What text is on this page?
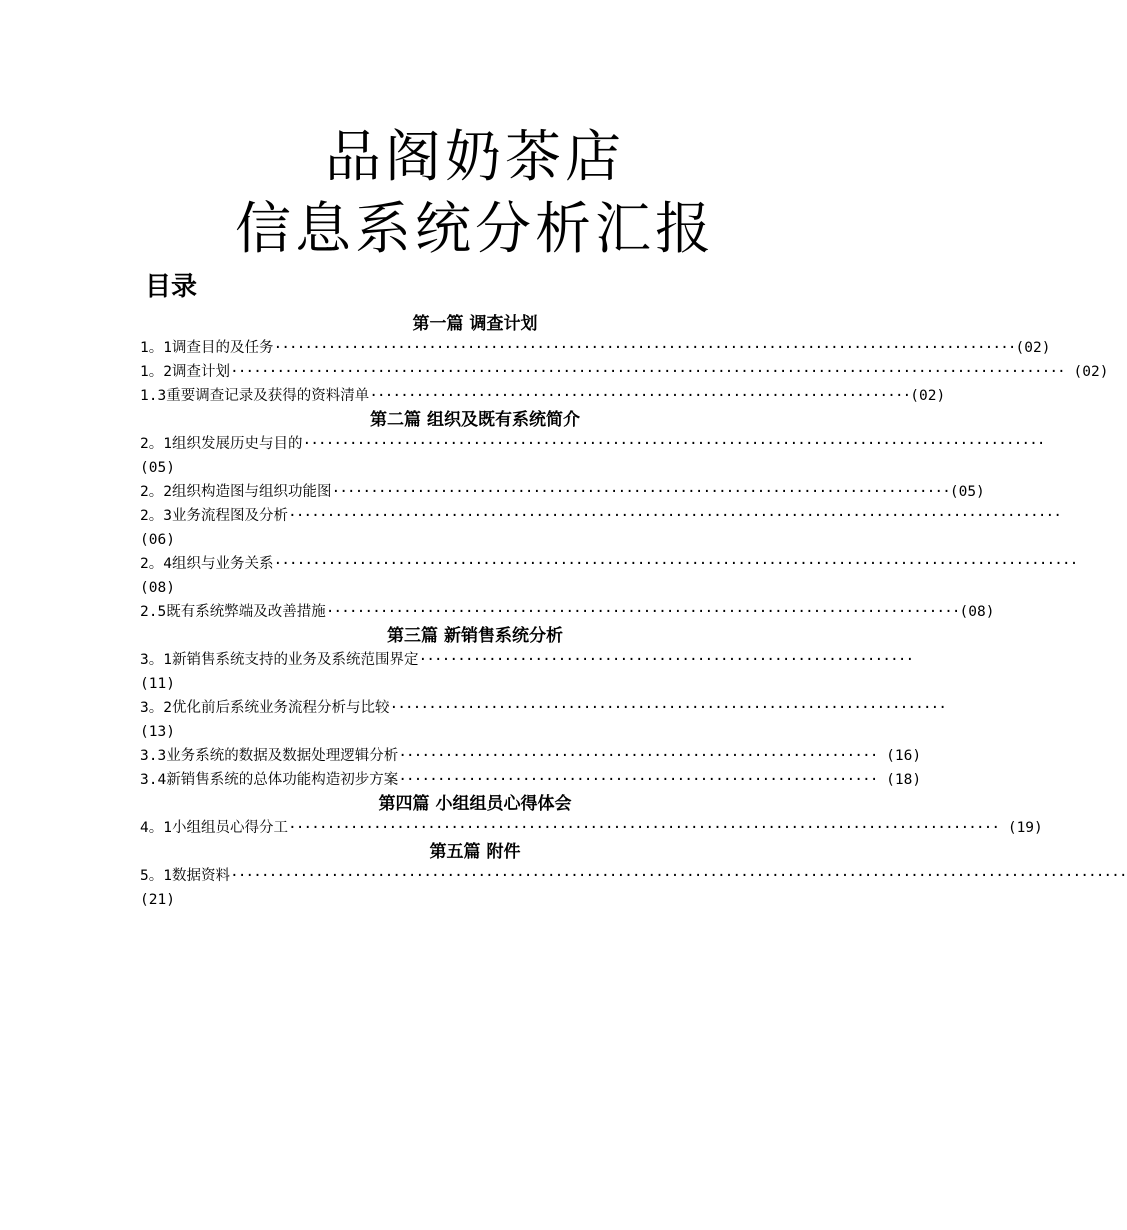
品阁奶茶店
信息系统分析汇报
目录
第一篇 调查计划
1。1调查目的及任务································································································(02)
1。2调查计划············································································································ (02)
1.3重要调查记录及获得的资料清单······································································(02)
第二篇 组织及既有系统简介
2。1组织发展历史与目的································································································
(05)
2。2组织构造图与组织功能图················································································(05)
2。3业务流程图及分析····································································································
(06)
2。4组织与业务关系········································································································
(08)
2.5既有系统弊端及改善措施··················································································(08)
第三篇 新销售系统分析
3。1新销售系统支持的业务及系统范围界定································································
(11)
3。2优化前后系统业务流程分析与比较········································································
(13)
3.3业务系统的数据及数据处理逻辑分析······························································ (16)
3.4新销售系统的总体功能构造初步方案······························································ (18)
第四篇 小组组员心得体会
4。1小组组员心得分工···························································································· (19)
第五篇 附件
5。1数据资料····················································································································
(21)
